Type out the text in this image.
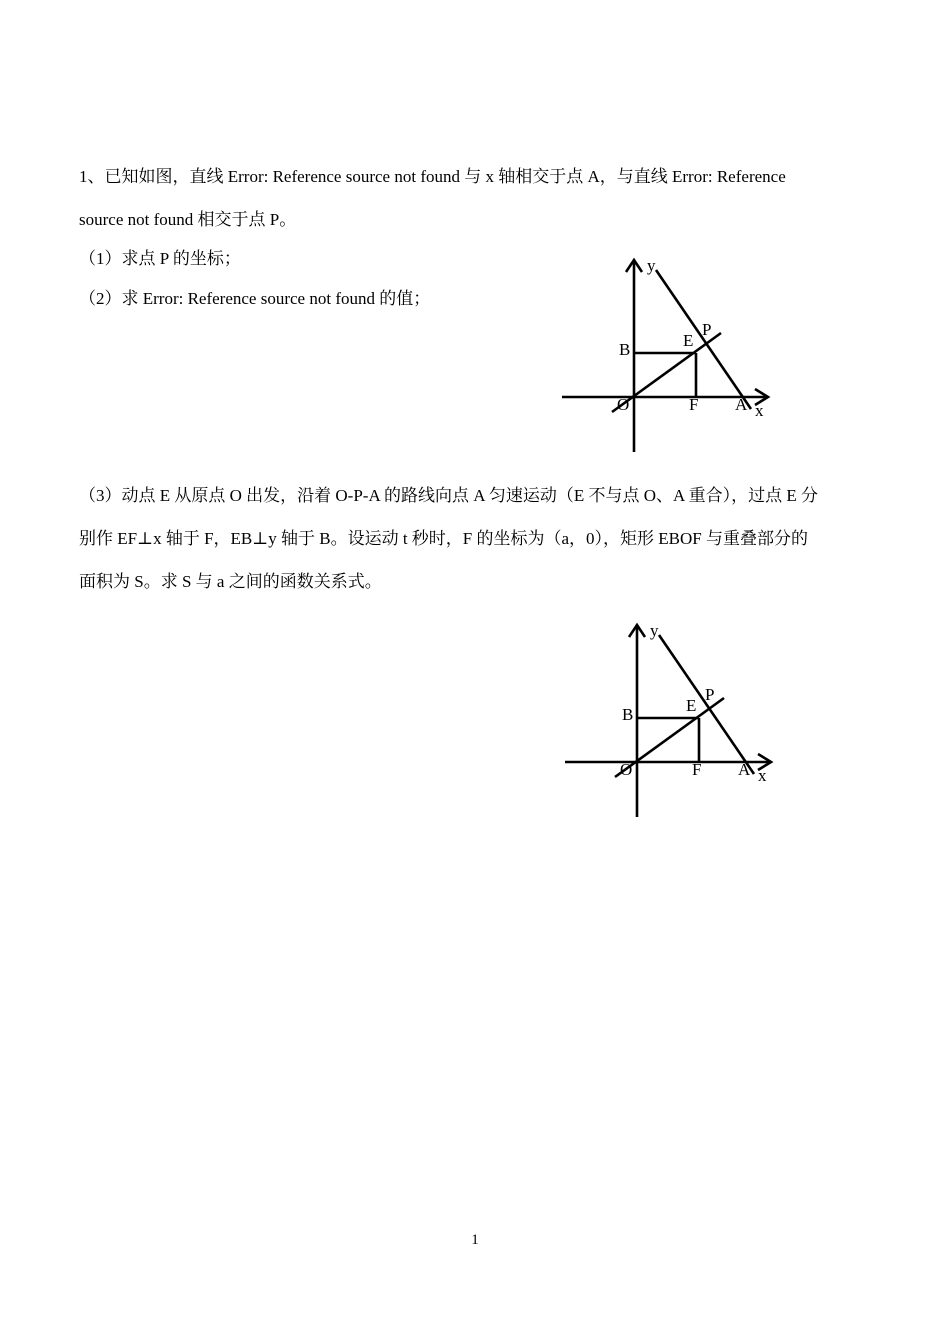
1、已知如图，直线 Error: Reference source not found 与 x 轴相交于点 A，与直线 Error: Reference
source not found 相交于点 P。
（1）求点 P 的坐标；
（2）求 Error: Reference source not found 的值；
y
x
O	A
B	E
F
P
（3）动点 E 从原点 O 出发，沿着 O-P-A 的路线向点 A 匀速运动（E 不与点 O、A 重合），过点 E 分
别作 EF⊥x 轴于 F，EB⊥y 轴于 B。设运动 t 秒时，F 的坐标为（a，0），矩形 EBOF 与重叠部分的
面积为 S。求 S 与 a 之间的函数关系式。
y
x
O	A
B	E
F
P
1
